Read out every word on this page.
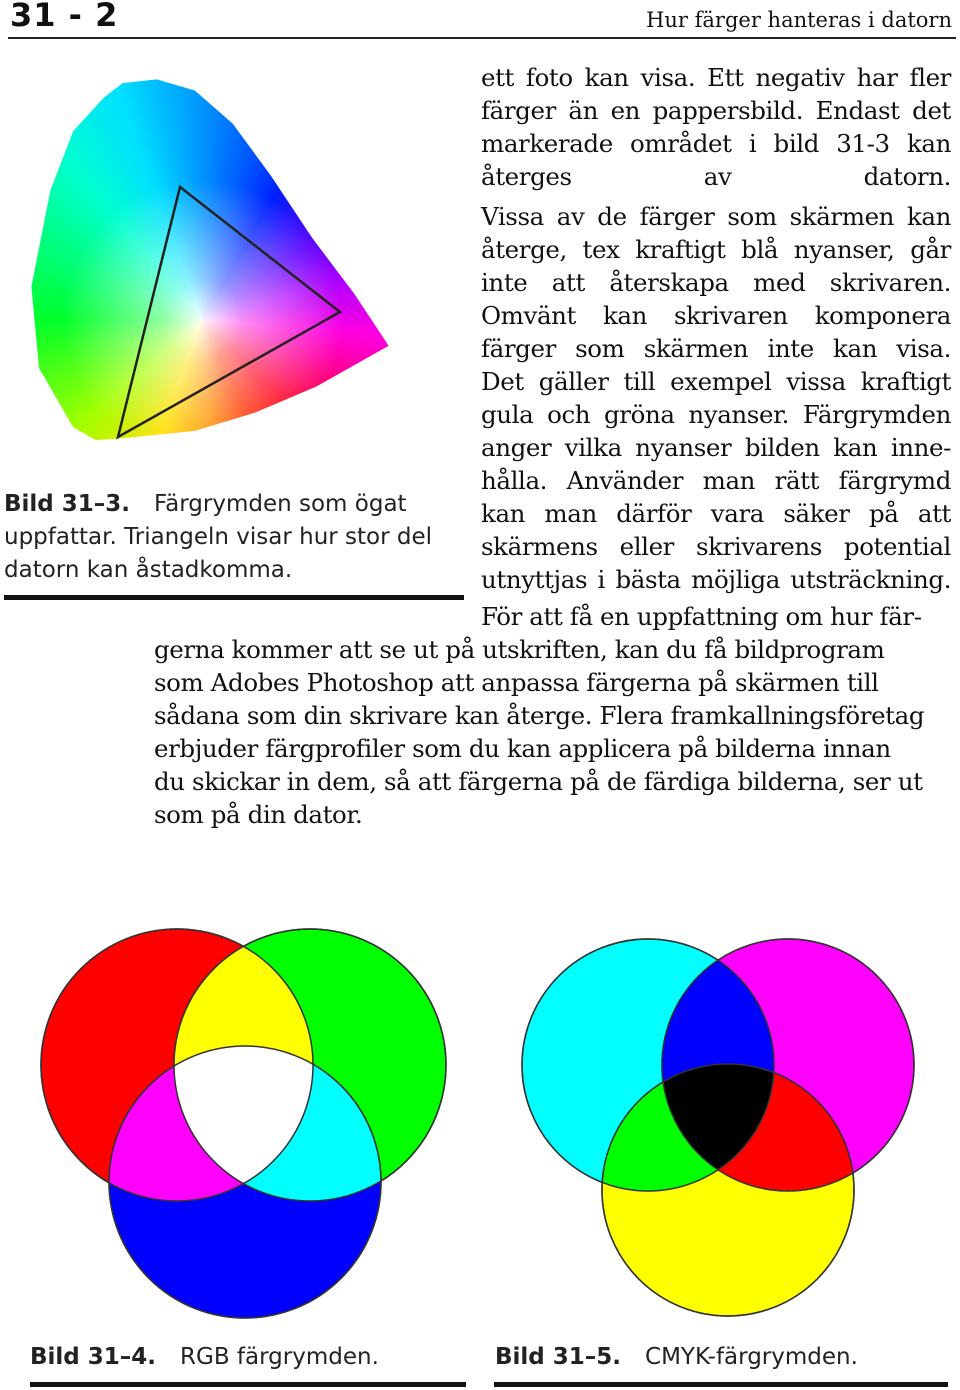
31 - 2	Hur färger hanteras i datorn
Bild 31–3. Färgrymden som ögat
uppfattar. Triangeln visar hur stor del
datorn kan åstadkomma.

ett foto kan visa. Ett negativ har fler
färger än en pappersbild. Endast det
markerade området i bild 31-3 kan
återges av datorn.

Vissa av de färger som skärmen kan
återge, tex kraftigt blå nyanser, går
inte att återskapa med skrivaren.
Omvänt kan skrivaren komponera
färger som skärmen inte kan visa.
Det gäller till exempel vissa kraftigt
gula och gröna nyanser. Färgrymden
anger vilka nyanser bilden kan inne-
hålla. Använder man rätt färgrymd
kan man därför vara säker på att
skärmens eller skrivarens potential
utnyttjas i bästa möjliga utsträckning.

För att få en uppfattning om hur fär-
gerna kommer att se ut på utskriften, kan du få bildprogram
som Adobes Photoshop att anpassa färgerna på skärmen till
sådana som din skrivare kan återge. Flera framkallningsföretag
erbjuder färgprofiler som du kan applicera på bilderna innan
du skickar in dem, så att färgerna på de färdiga bilderna, ser ut
som på din dator.

Bild 31–4. RGB färgrymden.	Bild 31–5. CMYK-färgrymden.
